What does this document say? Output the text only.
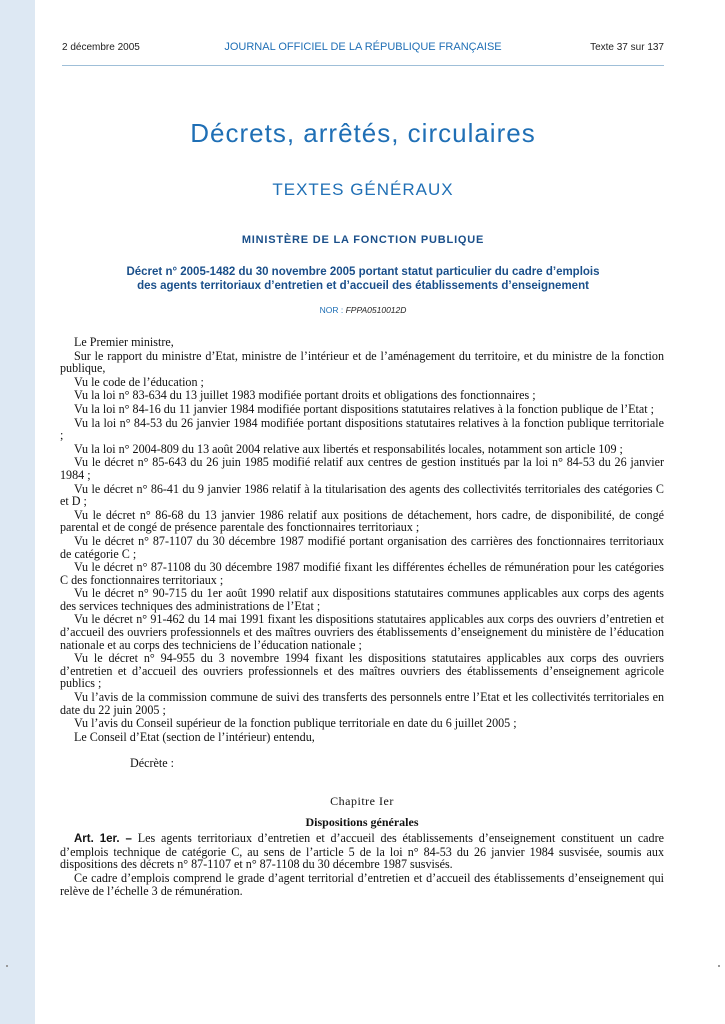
2 décembre 2005	JOURNAL OFFICIEL DE LA RÉPUBLIQUE FRANÇAISE	Texte 37 sur 137
Décrets, arrêtés, circulaires
TEXTES GÉNÉRAUX
MINISTÈRE DE LA FONCTION PUBLIQUE
Décret n° 2005-1482 du 30 novembre 2005 portant statut particulier du cadre d’emplois
des agents territoriaux d’entretien et d’accueil des établissements d’enseignement
NOR : FPPA0510012D

Le Premier ministre,

Sur le rapport du ministre d’Etat, ministre de l’intérieur et de l’aménagement du territoire, et du ministre de la fonction publique,

Vu le code de l’éducation ;

Vu la loi n° 83-634 du 13 juillet 1983 modifiée portant droits et obligations des fonctionnaires ;

Vu la loi n° 84-16 du 11 janvier 1984 modifiée portant dispositions statutaires relatives à la fonction publique de l’Etat ;

Vu la loi n° 84-53 du 26 janvier 1984 modifiée portant dispositions statutaires relatives à la fonction publique territoriale ;

Vu la loi n° 2004-809 du 13 août 2004 relative aux libertés et responsabilités locales, notamment son article 109 ;

Vu le décret n° 85-643 du 26 juin 1985 modifié relatif aux centres de gestion institués par la loi n° 84-53 du 26 janvier 1984 ;

Vu le décret n° 86-41 du 9 janvier 1986 relatif à la titularisation des agents des collectivités territoriales des catégories C et D ;

Vu le décret n° 86-68 du 13 janvier 1986 relatif aux positions de détachement, hors cadre, de disponibilité, de congé parental et de congé de présence parentale des fonctionnaires territoriaux ;

Vu le décret n° 87-1107 du 30 décembre 1987 modifié portant organisation des carrières des fonctionnaires territoriaux de catégorie C ;

Vu le décret n° 87-1108 du 30 décembre 1987 modifié fixant les différentes échelles de rémunération pour les catégories C des fonctionnaires territoriaux ;

Vu le décret n° 90-715 du 1er août 1990 relatif aux dispositions statutaires communes applicables aux corps des agents des services techniques des administrations de l’Etat ;

Vu le décret n° 91-462 du 14 mai 1991 fixant les dispositions statutaires applicables aux corps des ouvriers d’entretien et d’accueil des ouvriers professionnels et des maîtres ouvriers des établissements d’enseignement du ministère de l’éducation nationale et au corps des techniciens de l’éducation nationale ;

Vu le décret n° 94-955 du 3 novembre 1994 fixant les dispositions statutaires applicables aux corps des ouvriers d’entretien et d’accueil des ouvriers professionnels et des maîtres ouvriers des établissements d’enseignement agricole publics ;

Vu l’avis de la commission commune de suivi des transferts des personnels entre l’Etat et les collectivités territoriales en date du 22 juin 2005 ;

Vu l’avis du Conseil supérieur de la fonction publique territoriale en date du 6 juillet 2005 ;

Le Conseil d’Etat (section de l’intérieur) entendu,

Décrète :

Chapitre Ier
Dispositions générales

Art. 1er. – Les agents territoriaux d’entretien et d’accueil des établissements d’enseignement constituent un cadre d’emplois technique de catégorie C, au sens de l’article 5 de la loi n° 84-53 du 26 janvier 1984 susvisée, soumis aux dispositions des décrets n° 87-1107 et n° 87-1108 du 30 décembre 1987 susvisés.

Ce cadre d’emplois comprend le grade d’agent territorial d’entretien et d’accueil des établissements d’enseignement qui relève de l’échelle 3 de rémunération.
